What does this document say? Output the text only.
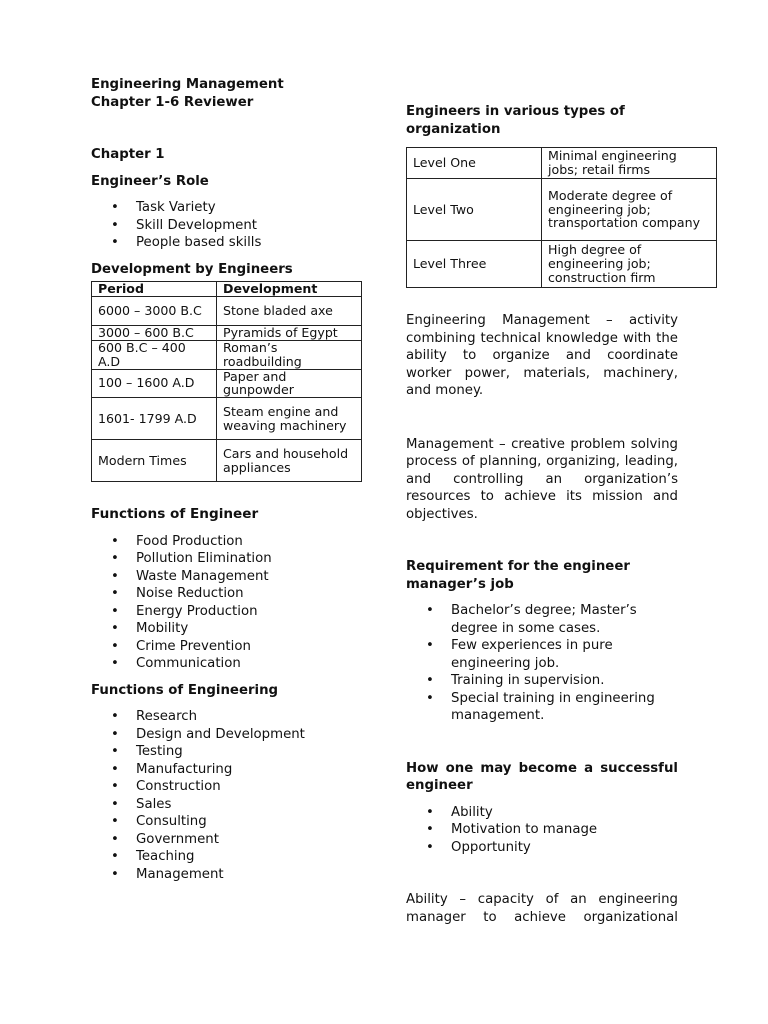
Engineering Management
Chapter 1-6 Reviewer

Chapter 1

Engineer’s Role

• Task Variety
• Skill Development
• People based skills

Development by Engineers

Period	Development
6000 – 3000 B.C	Stone bladed axe
3000 – 600 B.C	Pyramids of Egypt
600 B.C – 400 A.D	Roman’s roadbuilding
100 – 1600 A.D	Paper and gunpowder
1601- 1799 A.D	Steam engine and weaving machinery
Modern Times	Cars and household appliances

Functions of Engineer

• Food Production
• Pollution Elimination
• Waste Management
• Noise Reduction
• Energy Production
• Mobility
• Crime Prevention
• Communication

Functions of Engineering

• Research
• Design and Development
• Testing
• Manufacturing
• Construction
• Sales
• Consulting
• Government
• Teaching
• Management

Engineers in various types of organization

Level One	Minimal engineering jobs; retail firms
Level Two	Moderate degree of engineering job; transportation company
Level Three	High degree of engineering job; construction firm

Engineering Management – activity combining technical knowledge with the ability to organize and coordinate worker power, materials, machinery, and money.

Management – creative problem solving process of planning, organizing, leading, and controlling an organization’s resources to achieve its mission and objectives.

Requirement for the engineer manager’s job

• Bachelor’s degree; Master’s degree in some cases.
• Few experiences in pure engineering job.
• Training in supervision.
• Special training in engineering management.

How one may become a successful engineer

• Ability
• Motivation to manage
• Opportunity

Ability – capacity of an engineering manager to achieve organizational
